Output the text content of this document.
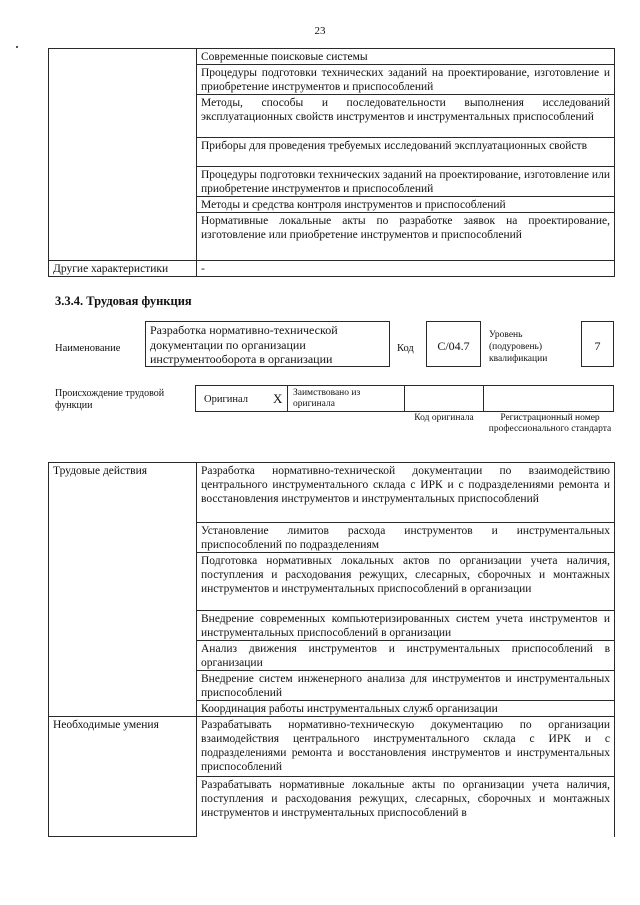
23
	Современные поисковые системы
	Процедуры подготовки технических заданий на проектирование, изготовление и приобретение инструментов и приспособлений
	Методы, способы и последовательности выполнения исследований эксплуатационных свойств инструментов и инструментальных приспособлений
	Приборы для проведения требуемых исследований эксплуатационных свойств
	Процедуры подготовки технических заданий на проектирование, изготовление или приобретение инструментов и приспособлений
	Методы и средства контроля инструментов и приспособлений
	Нормативные локальные акты по разработке заявок на проектирование, изготовление или приобретение инструментов и приспособлений
Другие характеристики	-
3.3.4. Трудовая функция
Наименование
Разработка нормативно-технической документации по организации инструментооборота в организации
Код	C/04.7
Уровень (подуровень) квалификации
7
Происхождение трудовой функции
Оригинал X Заимствовано из оригинала
Код оригинала	Регистрационный номер профессионального стандарта
Трудовые действия	Разработка нормативно-технической документации по взаимодействию центрального инструментального склада с ИРК и с подразделениями ремонта и восстановления инструментов и инструментальных приспособлений
	Установление лимитов расхода инструментов и инструментальных приспособлений по подразделениям
	Подготовка нормативных локальных актов по организации учета наличия, поступления и расходования режущих, слесарных, сборочных и монтажных инструментов и инструментальных приспособлений в организации
	Внедрение современных компьютеризированных систем учета инструментов и инструментальных приспособлений в организации
	Анализ движения инструментов и инструментальных приспособлений в организации
	Внедрение систем инженерного анализа для инструментов и инструментальных приспособлений
	Координация работы инструментальных служб организации
Необходимые умения	Разрабатывать нормативно-техническую документацию по организации взаимодействия центрального инструментального склада с ИРК и с подразделениями ремонта и восстановления инструментов и инструментальных приспособлений
	Разрабатывать нормативные локальные акты по организации учета наличия, поступления и расходования режущих, слесарных, сборочных и монтажных инструментов и инструментальных приспособлений в
